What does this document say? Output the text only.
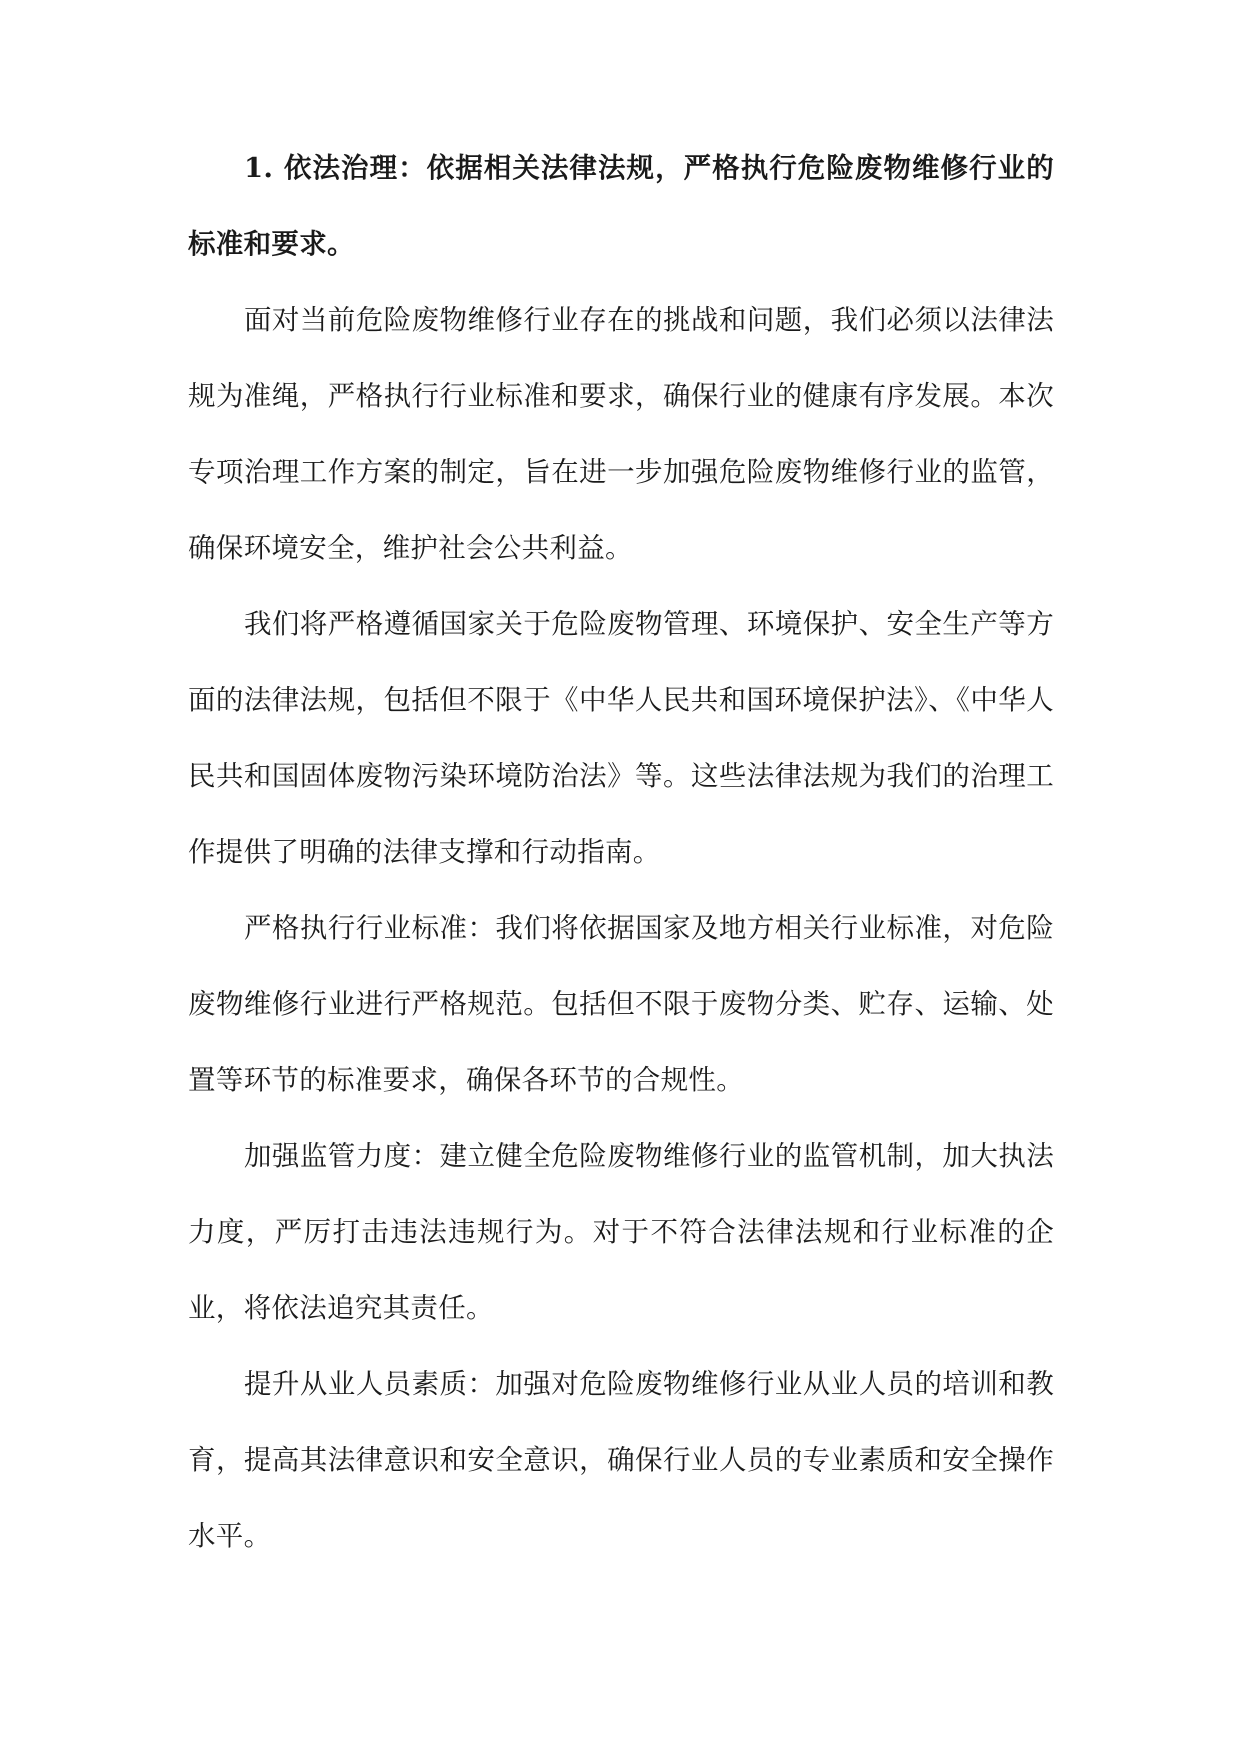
1. 依法治理：依据相关法律法规，严格执行危险废物维修行业的标准和要求。

面对当前危险废物维修行业存在的挑战和问题，我们必须以法律法规为准绳，严格执行行业标准和要求，确保行业的健康有序发展。本次专项治理工作方案的制定，旨在进一步加强危险废物维修行业的监管，确保环境安全，维护社会公共利益。

我们将严格遵循国家关于危险废物管理、环境保护、安全生产等方面的法律法规，包括但不限于《中华人民共和国环境保护法》、《中华人民共和国固体废物污染环境防治法》等。这些法律法规为我们的治理工作提供了明确的法律支撑和行动指南。

严格执行行业标准：我们将依据国家及地方相关行业标准，对危险废物维修行业进行严格规范。包括但不限于废物分类、贮存、运输、处置等环节的标准要求，确保各环节的合规性。

加强监管力度：建立健全危险废物维修行业的监管机制，加大执法力度，严厉打击违法违规行为。对于不符合法律法规和行业标准的企业，将依法追究其责任。

提升从业人员素质：加强对危险废物维修行业从业人员的培训和教育，提高其法律意识和安全意识，确保行业人员的专业素质和安全操作水平。
